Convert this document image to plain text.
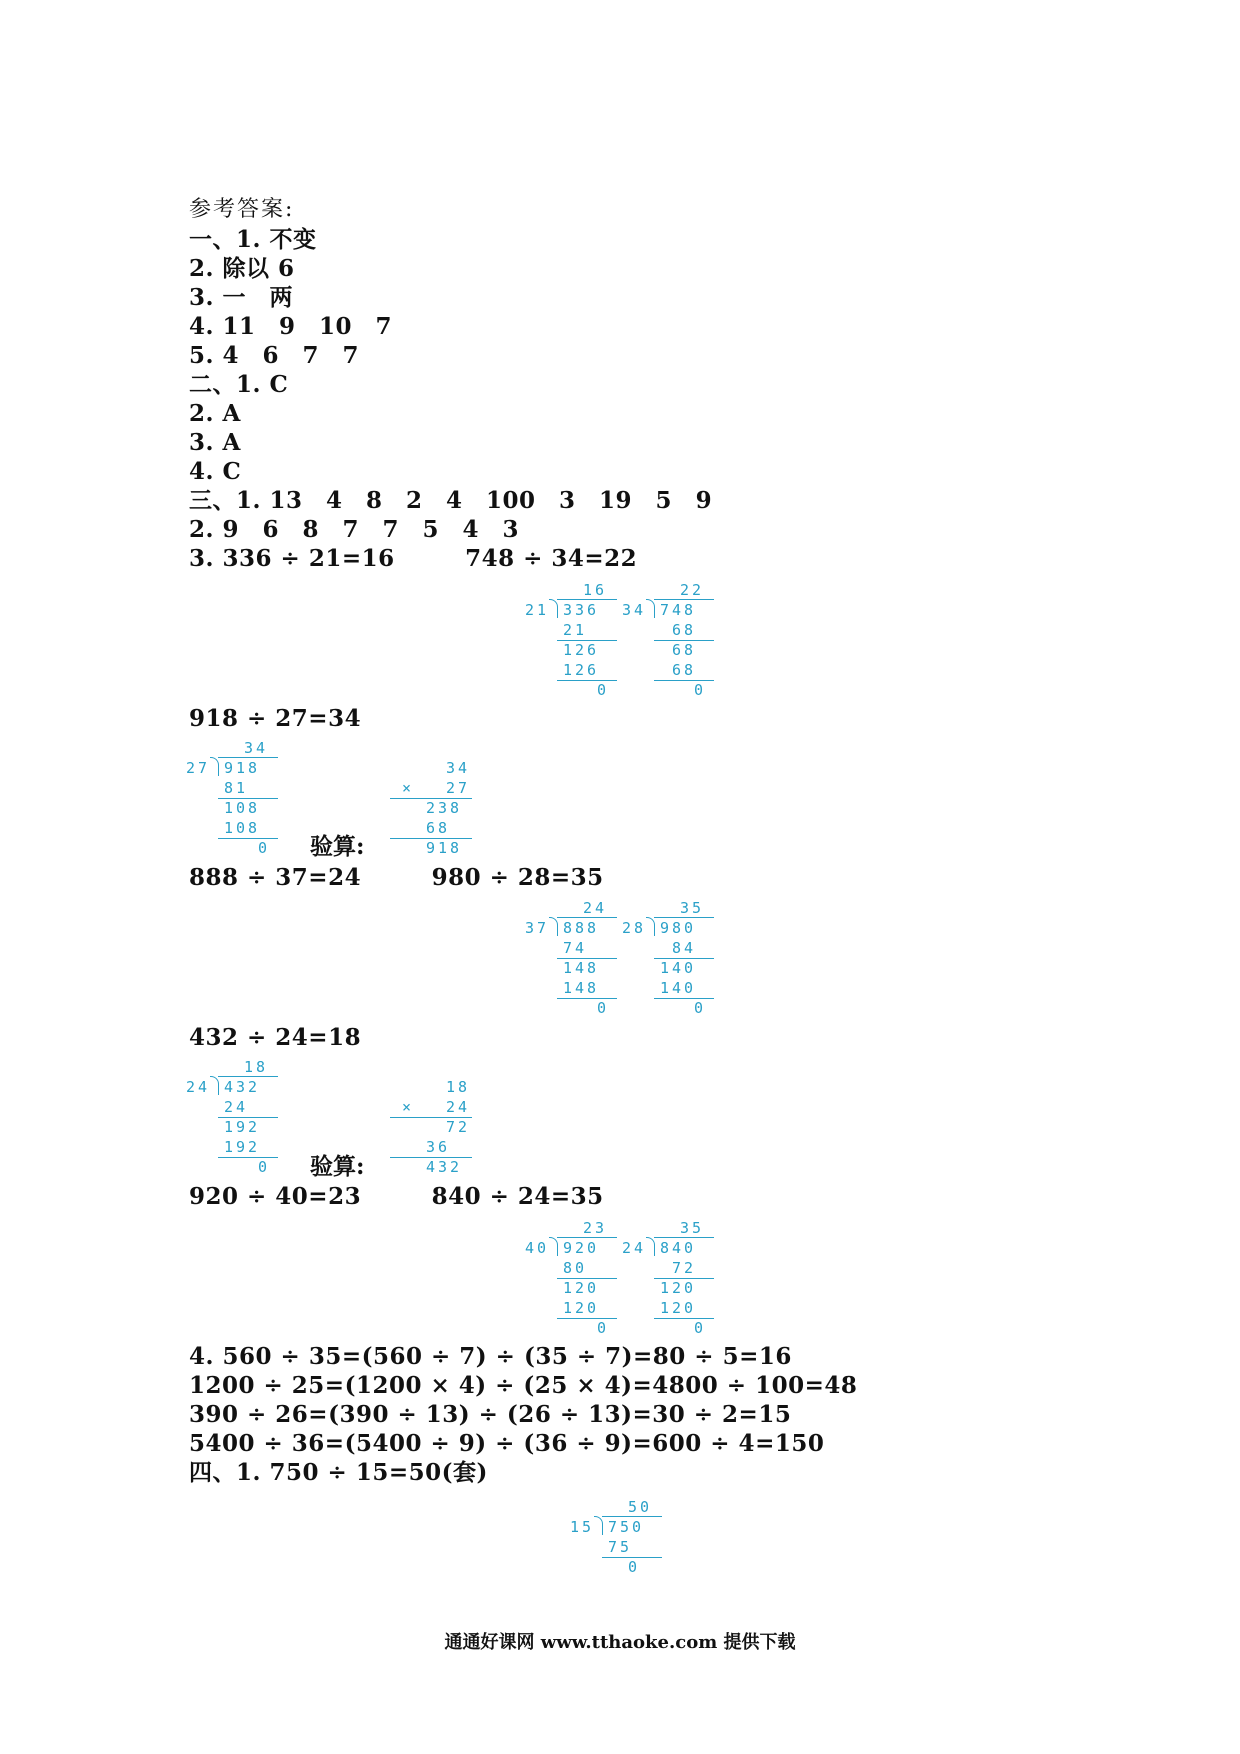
参考答案:
一、1. 不变
2. 除以 6
3. 一　两
4. 11　9　10　7
5. 4　6　7　7
二、1. C
2. A
3. A
4. C
三、1. 13　4　8　2　4　100　3　19　5　9
2. 9　6　8　7　7　5　4　3
3. 336 ÷ 21=16　　　748 ÷ 34=22
918 ÷ 27=34
888 ÷ 37=24　　　980 ÷ 28=35
432 ÷ 24=18
920 ÷ 40=23　　　840 ÷ 24=35
4. 560 ÷ 35=(560 ÷ 7) ÷ (35 ÷ 7)=80 ÷ 5=16
1200 ÷ 25=(1200 × 4) ÷ (25 × 4)=4800 ÷ 100=48
390 ÷ 26=(390 ÷ 13) ÷ (26 ÷ 13)=30 ÷ 2=15
5400 ÷ 36=(5400 ÷ 9) ÷ (36 ÷ 9)=600 ÷ 4=150
四、1. 750 ÷ 15=50(套)
16
21 336
21
126
126
0
22
34 748
68
68
68
0
34
27 918
81
108
108
0 验算:
34
× 27
238
68
918
24
37 888
74
148
148
0
35
28 980
84
140
140
0
18
24 432
24
192
192
0 验算:
18
× 24
72
36
432
23
40 920
80
120
120
0
35
24 840
72
120
120
0
50
15 750
75
0
通通好课网 www.tthaoke.com 提供下载
